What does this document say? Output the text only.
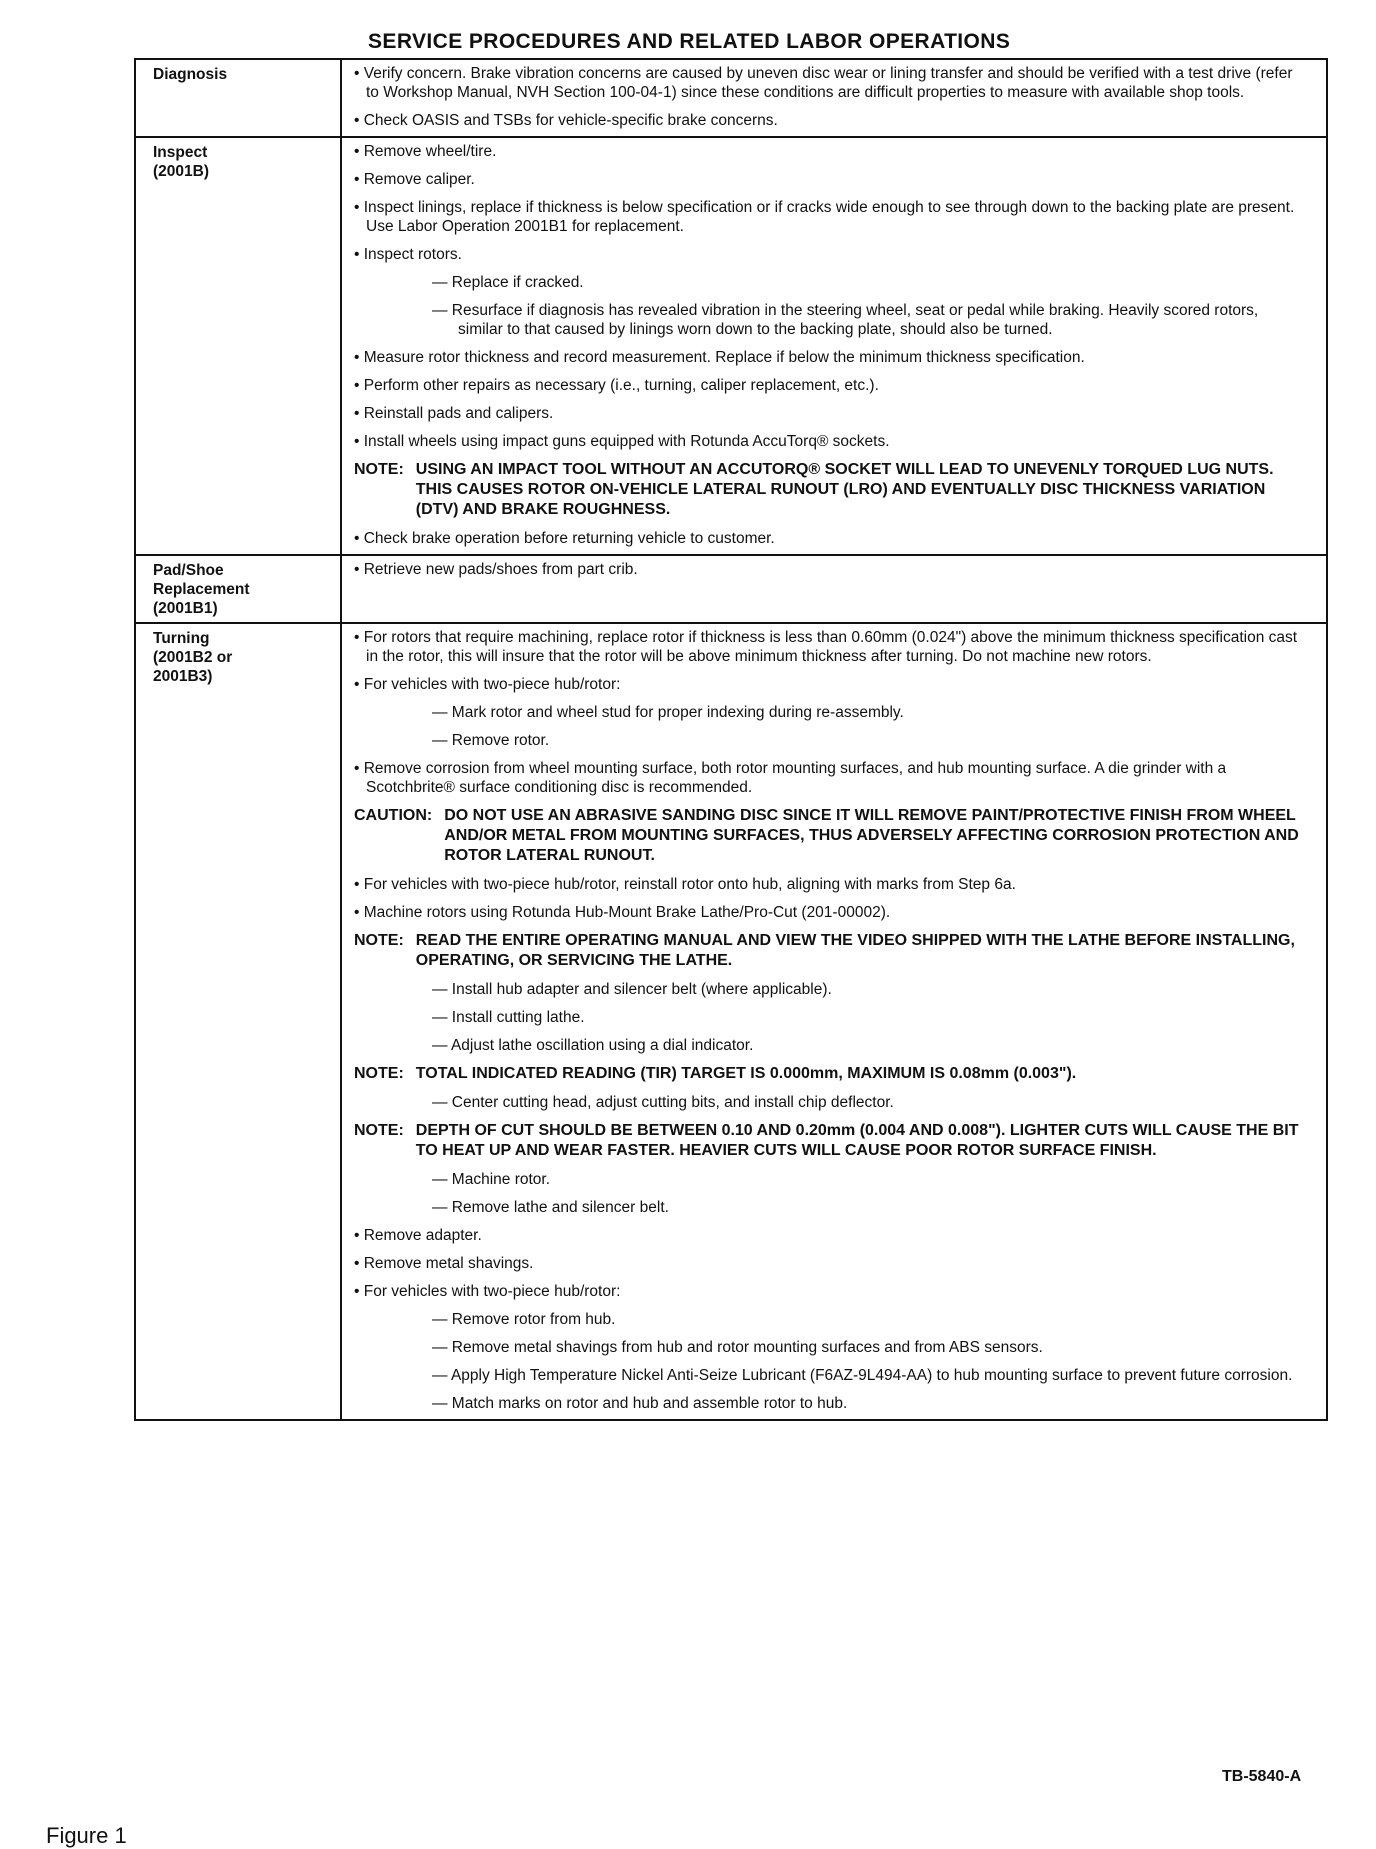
SERVICE PROCEDURES AND RELATED LABOR OPERATIONS
Diagnosis	• Verify concern. Brake vibration concerns are caused by uneven disc wear or lining transfer and should be verified with a test drive (refer to Workshop Manual, NVH Section 100-04-1) since these conditions are difficult properties to measure with available shop tools.
• Check OASIS and TSBs for vehicle-specific brake concerns.
Inspect
(2001B)
• Remove wheel/tire.
• Remove caliper.
• Inspect linings, replace if thickness is below specification or if cracks wide enough to see through down to the backing plate are present. Use Labor Operation 2001B1 for replacement.
• Inspect rotors.
— Replace if cracked.
— Resurface if diagnosis has revealed vibration in the steering wheel, seat or pedal while braking. Heavily scored rotors, similar to that caused by linings worn down to the backing plate, should also be turned.
• Measure rotor thickness and record measurement. Replace if below the minimum thickness specification.
• Perform other repairs as necessary (i.e., turning, caliper replacement, etc.).
• Reinstall pads and calipers.
• Install wheels using impact guns equipped with Rotunda AccuTorq® sockets.
NOTE: USING AN IMPACT TOOL WITHOUT AN ACCUTORQ® SOCKET WILL LEAD TO UNEVENLY TORQUED LUG NUTS. THIS CAUSES ROTOR ON-VEHICLE LATERAL RUNOUT (LRO) AND EVENTUALLY DISC THICKNESS VARIATION (DTV) AND BRAKE ROUGHNESS.
• Check brake operation before returning vehicle to customer.
Pad/Shoe
Replacement
(2001B1)
• Retrieve new pads/shoes from part crib.
Turning
(2001B2 or
2001B3)
• For rotors that require machining, replace rotor if thickness is less than 0.60mm (0.024") above the minimum thickness specification cast in the rotor, this will insure that the rotor will be above minimum thickness after turning. Do not machine new rotors.
• For vehicles with two-piece hub/rotor:
— Mark rotor and wheel stud for proper indexing during re-assembly.
— Remove rotor.
• Remove corrosion from wheel mounting surface, both rotor mounting surfaces, and hub mounting surface. A die grinder with a Scotchbrite® surface conditioning disc is recommended.
CAUTION: DO NOT USE AN ABRASIVE SANDING DISC SINCE IT WILL REMOVE PAINT/PROTECTIVE FINISH FROM WHEEL AND/OR METAL FROM MOUNTING SURFACES, THUS ADVERSELY AFFECTING CORROSION PROTECTION AND ROTOR LATERAL RUNOUT.
• For vehicles with two-piece hub/rotor, reinstall rotor onto hub, aligning with marks from Step 6a.
• Machine rotors using Rotunda Hub-Mount Brake Lathe/Pro-Cut (201-00002).
NOTE: READ THE ENTIRE OPERATING MANUAL AND VIEW THE VIDEO SHIPPED WITH THE LATHE BEFORE INSTALLING, OPERATING, OR SERVICING THE LATHE.
— Install hub adapter and silencer belt (where applicable).
— Install cutting lathe.
— Adjust lathe oscillation using a dial indicator.
NOTE: TOTAL INDICATED READING (TIR) TARGET IS 0.000mm, MAXIMUM IS 0.08mm (0.003").
— Center cutting head, adjust cutting bits, and install chip deflector.
NOTE: DEPTH OF CUT SHOULD BE BETWEEN 0.10 AND 0.20mm (0.004 AND 0.008"). LIGHTER CUTS WILL CAUSE THE BIT TO HEAT UP AND WEAR FASTER. HEAVIER CUTS WILL CAUSE POOR ROTOR SURFACE FINISH.
— Machine rotor.
— Remove lathe and silencer belt.
• Remove adapter.
• Remove metal shavings.
• For vehicles with two-piece hub/rotor:
— Remove rotor from hub.
— Remove metal shavings from hub and rotor mounting surfaces and from ABS sensors.
— Apply High Temperature Nickel Anti-Seize Lubricant (F6AZ-9L494-AA) to hub mounting surface to prevent future corrosion.
— Match marks on rotor and hub and assemble rotor to hub.
TB-5840-A
Figure 1
